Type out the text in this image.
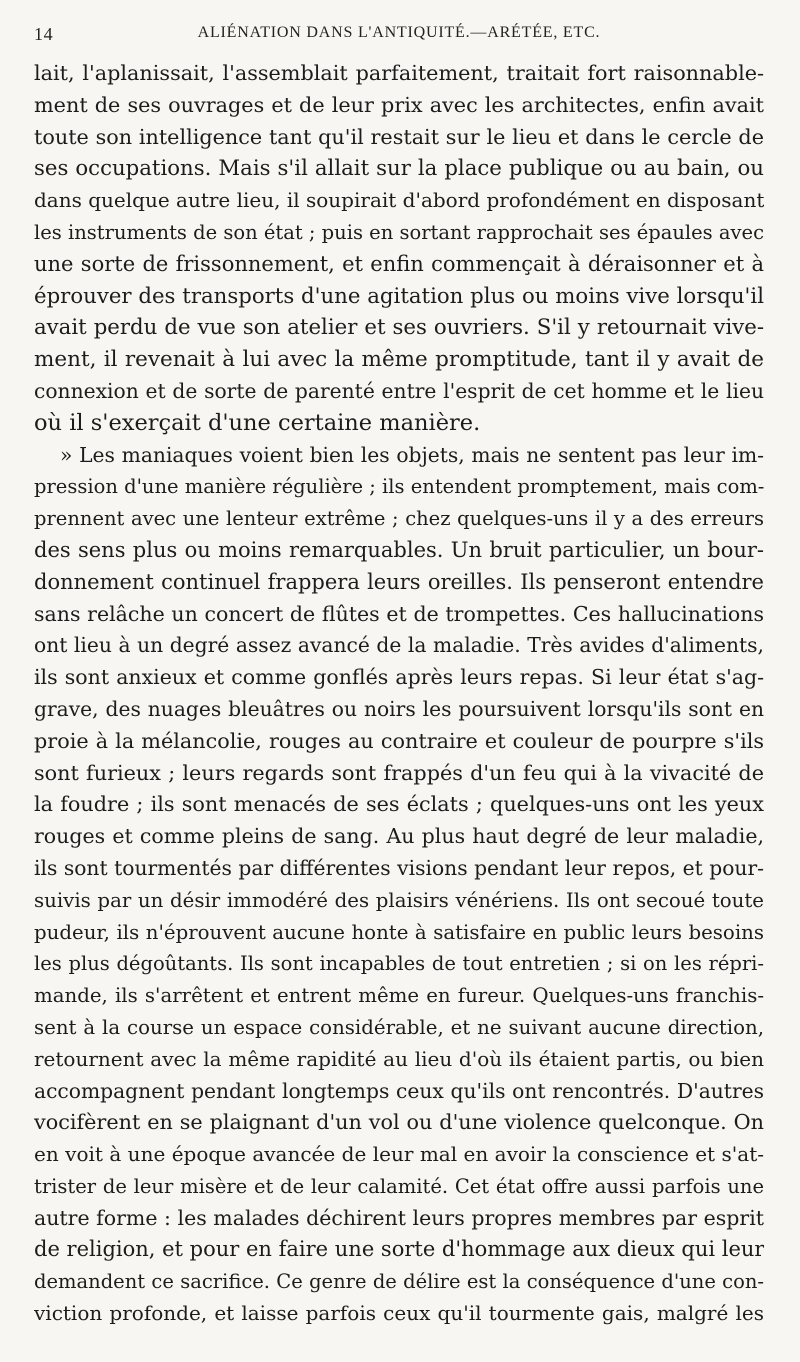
14	ALIÉNATION DANS L'ANTIQUITÉ.—ARÉTÉE, ETC.
lait, l'aplanissait, l'assemblait parfaitement, traitait fort raisonnable-
ment de ses ouvrages et de leur prix avec les architectes, enfin avait
toute son intelligence tant qu'il restait sur le lieu et dans le cercle de
ses occupations. Mais s'il allait sur la place publique ou au bain, ou
dans quelque autre lieu, il soupirait d'abord profondément en disposant
les instruments de son état ; puis en sortant rapprochait ses épaules avec
une sorte de frissonnement, et enfin commençait à déraisonner et à
éprouver des transports d'une agitation plus ou moins vive lorsqu'il
avait perdu de vue son atelier et ses ouvriers. S'il y retournait vive-
ment, il revenait à lui avec la même promptitude, tant il y avait de
connexion et de sorte de parenté entre l'esprit de cet homme et le lieu
où il s'exerçait d'une certaine manière.
» Les maniaques voient bien les objets, mais ne sentent pas leur im-
pression d'une manière régulière ; ils entendent promptement, mais com-
prennent avec une lenteur extrême ; chez quelques-uns il y a des erreurs
des sens plus ou moins remarquables. Un bruit particulier, un bour-
donnement continuel frappera leurs oreilles. Ils penseront entendre
sans relâche un concert de flûtes et de trompettes. Ces hallucinations
ont lieu à un degré assez avancé de la maladie. Très avides d'aliments,
ils sont anxieux et comme gonflés après leurs repas. Si leur état s'ag-
grave, des nuages bleuâtres ou noirs les poursuivent lorsqu'ils sont en
proie à la mélancolie, rouges au contraire et couleur de pourpre s'ils
sont furieux ; leurs regards sont frappés d'un feu qui à la vivacité de
la foudre ; ils sont menacés de ses éclats ; quelques-uns ont les yeux
rouges et comme pleins de sang. Au plus haut degré de leur maladie,
ils sont tourmentés par différentes visions pendant leur repos, et pour-
suivis par un désir immodéré des plaisirs vénériens. Ils ont secoué toute
pudeur, ils n'éprouvent aucune honte à satisfaire en public leurs besoins
les plus dégoûtants. Ils sont incapables de tout entretien ; si on les répri-
mande, ils s'arrêtent et entrent même en fureur. Quelques-uns franchis-
sent à la course un espace considérable, et ne suivant aucune direction,
retournent avec la même rapidité au lieu d'où ils étaient partis, ou bien
accompagnent pendant longtemps ceux qu'ils ont rencontrés. D'autres
vocifèrent en se plaignant d'un vol ou d'une violence quelconque. On
en voit à une époque avancée de leur mal en avoir la conscience et s'at-
trister de leur misère et de leur calamité. Cet état offre aussi parfois une
autre forme : les malades déchirent leurs propres membres par esprit
de religion, et pour en faire une sorte d'hommage aux dieux qui leur
demandent ce sacrifice. Ce genre de délire est la conséquence d'une con-
viction profonde, et laisse parfois ceux qu'il tourmente gais, malgré les
